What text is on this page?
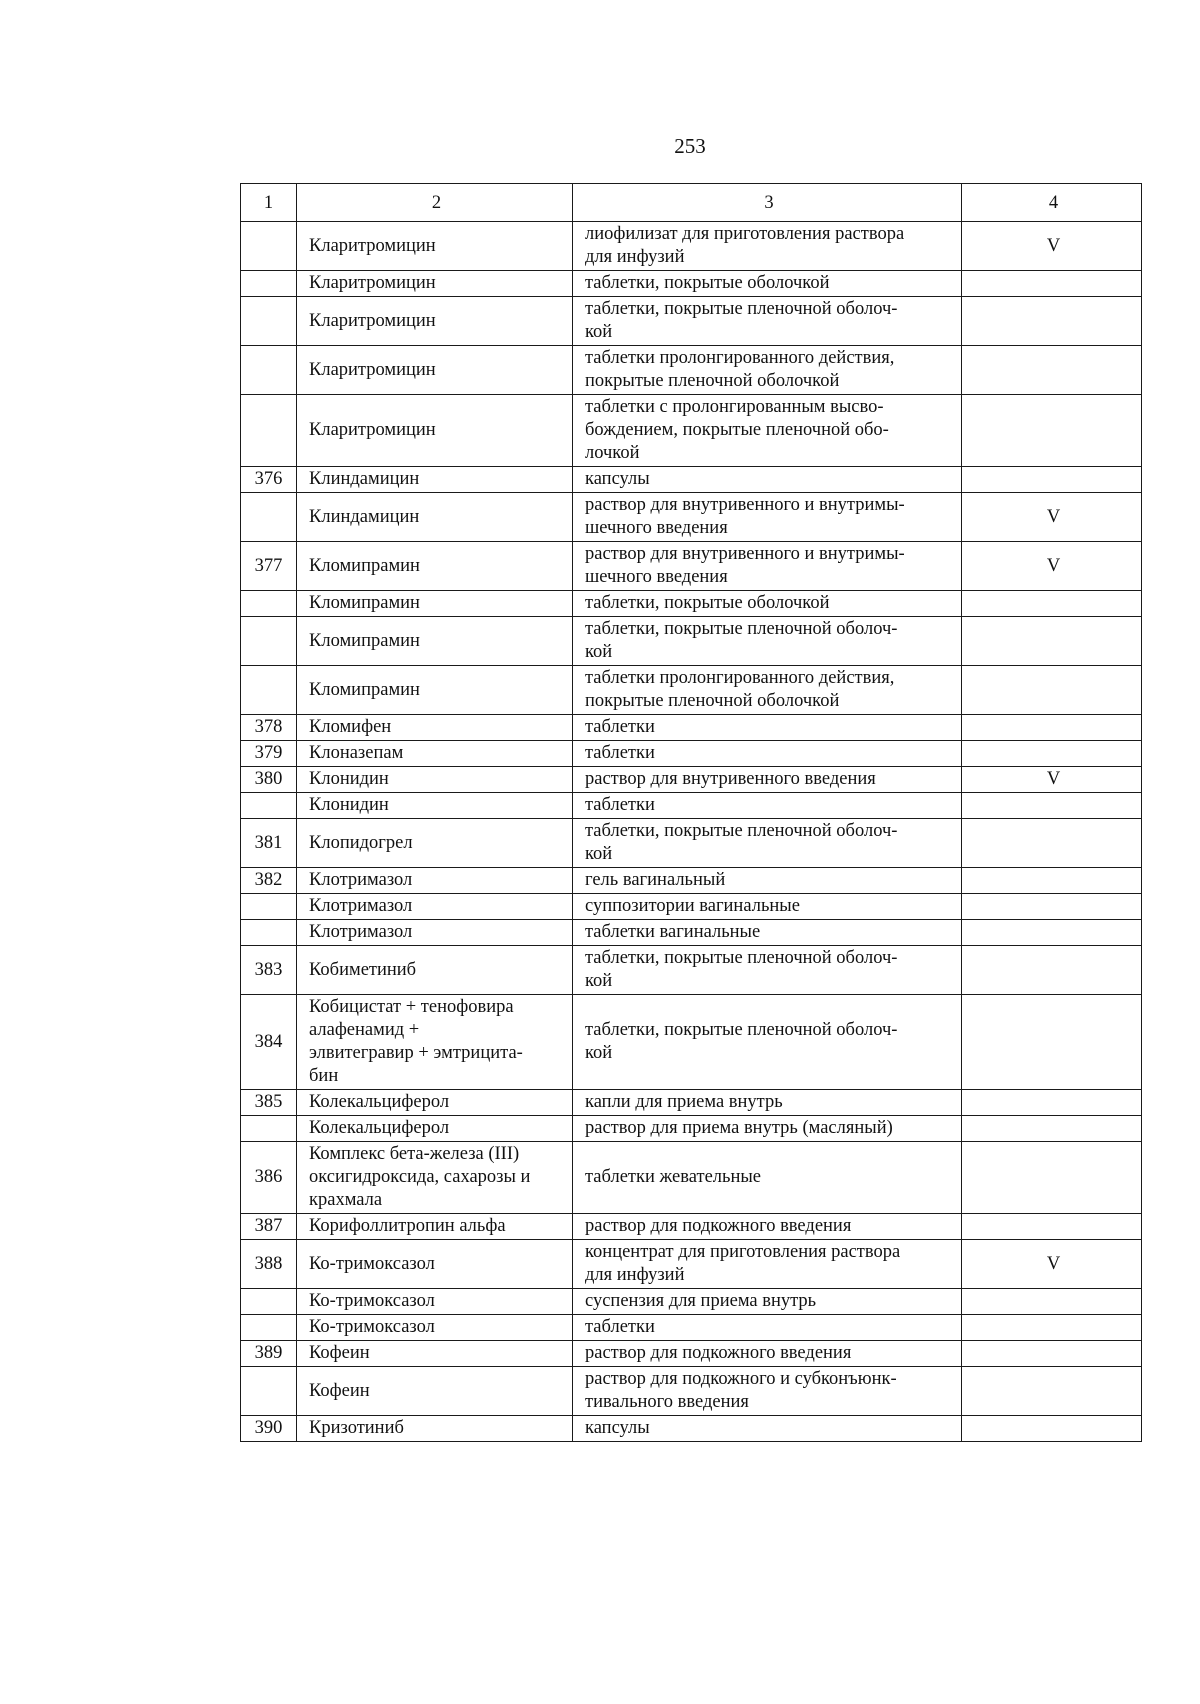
253
1	2	3	4
	Кларитромицин	лиофилизат для приготовления раствора
для инфузий	V
	Кларитромицин	таблетки, покрытые оболочкой	
	Кларитромицин	таблетки, покрытые пленочной оболоч-
кой	
	Кларитромицин	таблетки пролонгированного действия,
покрытые пленочной оболочкой	
	Кларитромицин	таблетки с пролонгированным высво-
бождением, покрытые пленочной обо-
лочкой	
376	Клиндамицин	капсулы	
	Клиндамицин	раствор для внутривенного и внутримы-
шечного введения	V
377	Кломипрамин	раствор для внутривенного и внутримы-
шечного введения	V
	Кломипрамин	таблетки, покрытые оболочкой	
	Кломипрамин	таблетки, покрытые пленочной оболоч-
кой	
	Кломипрамин	таблетки пролонгированного действия,
покрытые пленочной оболочкой	
378	Кломифен	таблетки	
379	Клоназепам	таблетки	
380	Клонидин	раствор для внутривенного введения	V
	Клонидин	таблетки	
381	Клопидогрел	таблетки, покрытые пленочной оболоч-
кой	
382	Клотримазол	гель вагинальный	
	Клотримазол	суппозитории вагинальные	
	Клотримазол	таблетки вагинальные	
383	Кобиметиниб	таблетки, покрытые пленочной оболоч-
кой	
384	Кобицистат + тенофовира
алафенамид +
элвитегравир + эмтрицита-
бин	таблетки, покрытые пленочной оболоч-
кой	
385	Колекальциферол	капли для приема внутрь	
	Колекальциферол	раствор для приема внутрь (масляный)	
386	Комплекс бета-железа (III)
оксигидроксида, сахарозы и
крахмала	таблетки жевательные	
387	Корифоллитропин альфа	раствор для подкожного введения	
388	Ко-тримоксазол	концентрат для приготовления раствора
для инфузий	V
	Ко-тримоксазол	суспензия для приема внутрь	
	Ко-тримоксазол	таблетки	
389	Кофеин	раствор для подкожного введения	
	Кофеин	раствор для подкожного и субконъюнк-
тивального введения	
390	Кризотиниб	капсулы	
